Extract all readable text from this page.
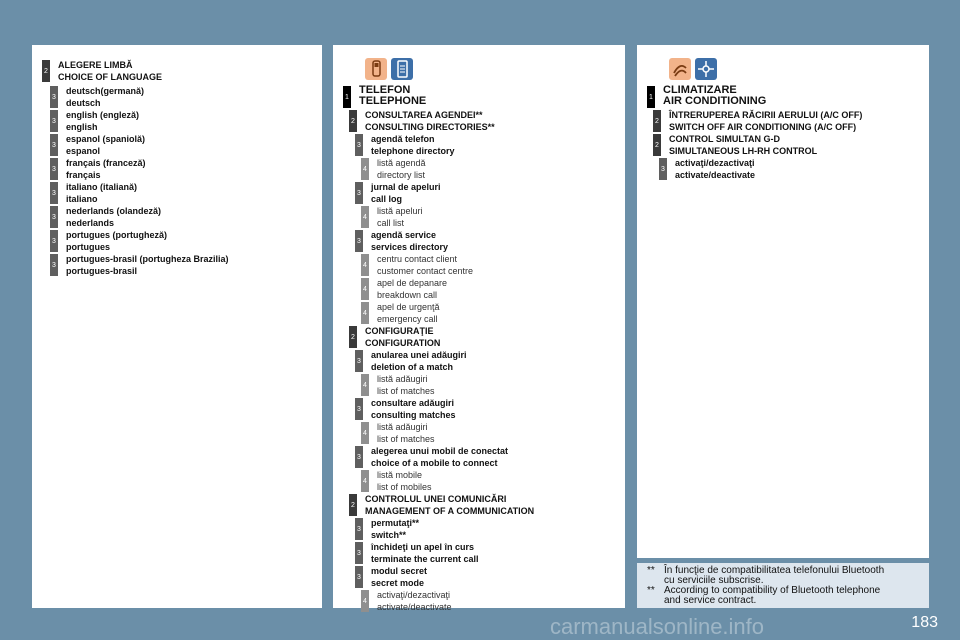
2
ALEGERE LIMBĂ
CHOICE OF LANGUAGE
3
deutsch(germană)
deutsch
3
english (engleză)
english
3
espanol (spaniolă)
espanol
3
français (franceză)
français
3
italiano (italiană)
italiano
3
nederlands (olandeză)
nederlands
3
portugues (portugheză)
portugues
3
portugues-brasil (portugheza Brazilia)
portugues-brasil
1
TELEFON
TELEPHONE
2
CONSULTAREA AGENDEI**
CONSULTING DIRECTORIES**
3
agendă telefon
telephone directory
4
listă agendă
directory list
3
jurnal de apeluri
call log
4
listă apeluri
call list
3
agendă service
services directory
4
centru contact client
customer contact centre
4
apel de depanare
breakdown call
4
apel de urgenţă
emergency call
2
CONFIGURAŢIE
CONFIGURATION
3
anularea unei adăugiri
deletion of a match
4
listă adăugiri
list of matches
3
consultare adăugiri
consulting matches
4
listă adăugiri
list of matches
3
alegerea unui mobil de conectat
choice of a mobile to connect
4
listă mobile
list of mobiles
2
CONTROLUL UNEI COMUNICĂRI
MANAGEMENT OF A COMMUNICATION
3
permutaţi**
switch**
3
închideţi un apel în curs
terminate the current call
3
modul secret
secret mode
4
activaţi/dezactivaţi
activate/deactivate
1
CLIMATIZARE
AIR CONDITIONING
2
ÎNTRERUPEREA RĂCIRII AERULUI (A/C OFF)
SWITCH OFF AIR CONDITIONING (A/C OFF)
2
CONTROL SIMULTAN G-D
SIMULTANEOUS LH-RH CONTROL
3
activaţi/dezactivaţi
activate/deactivate
** În funcţie de compatibilitatea telefonului Bluetooth
cu serviciile subscrise.
** According to compatibility of Bluetooth telephone
and service contract.
183
carmanualsonline.info
